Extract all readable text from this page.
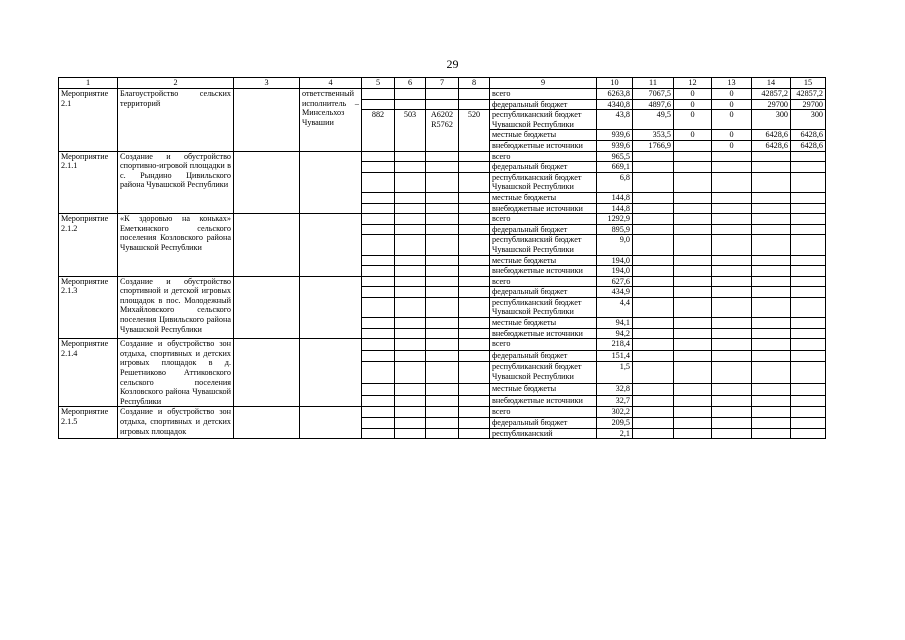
29
1	2	3	4	5	6	7	8	9	10	11	12	13	14	15
Мероприятие 2.1	Благоустройство сельских территорий		ответственный исполнитель – Минсельхоз Чувашии					всего	6263,8	7067,5	0	0	42857,2	42857,2
								федеральный бюджет	4340,8	4897,6	0	0	29700	29700
				882	503	A6202 R5762	520	республиканский бюджет Чувашской Республики	43,8	49,5	0	0	300	300
								местные бюджеты	939,6	353,5	0	0	6428,6	6428,6
								внебюджетные источники	939,6	1766,9		0	6428,6	6428,6
Мероприятие 2.1.1	Создание и обустройство спортивно-игровой площадки в с. Рындино Цивильского района Чувашской Республики							всего	965,5					
								федеральный бюджет	669,1					
								республиканский бюджет Чувашской Республики	6,8					
								местные бюджеты	144,8					
								внебюджетные источники	144,8					
Мероприятие 2.1.2	«К здоровью на коньках» Еметкинского сельского поселения Козловского района Чувашской Республики							всего	1292,9					
								федеральный бюджет	895,9					
								республиканский бюджет Чувашской Республики	9,0					
								местные бюджеты	194,0					
								внебюджетные источники	194,0					
Мероприятие 2.1.3	Создание и обустройство спортивной и детской игровых площадок в пос. Молодежный Михайловского сельского поселения Цивильского района Чувашской Республики							всего	627,6					
								федеральный бюджет	434,9					
								республиканский бюджет Чувашской Республики	4,4					
								местные бюджеты	94,1					
								внебюджетные источники	94,2					
Мероприятие 2.1.4	Создание и обустройство зон отдыха, спортивных и детских игровых площадок в д. Решетниково Аттиковского сельского поселения Козловского района Чувашской Республики							всего	218,4					
								федеральный бюджет	151,4					
								республиканский бюджет Чувашской Республики	1,5					
								местные бюджеты	32,8					
								внебюджетные источники	32,7					
Мероприятие 2.1.5	Создание и обустройство зон отдыха, спортивных и детских игровых площадок							всего	302,2					
								федеральный бюджет	209,5					
								республиканский	2,1					
